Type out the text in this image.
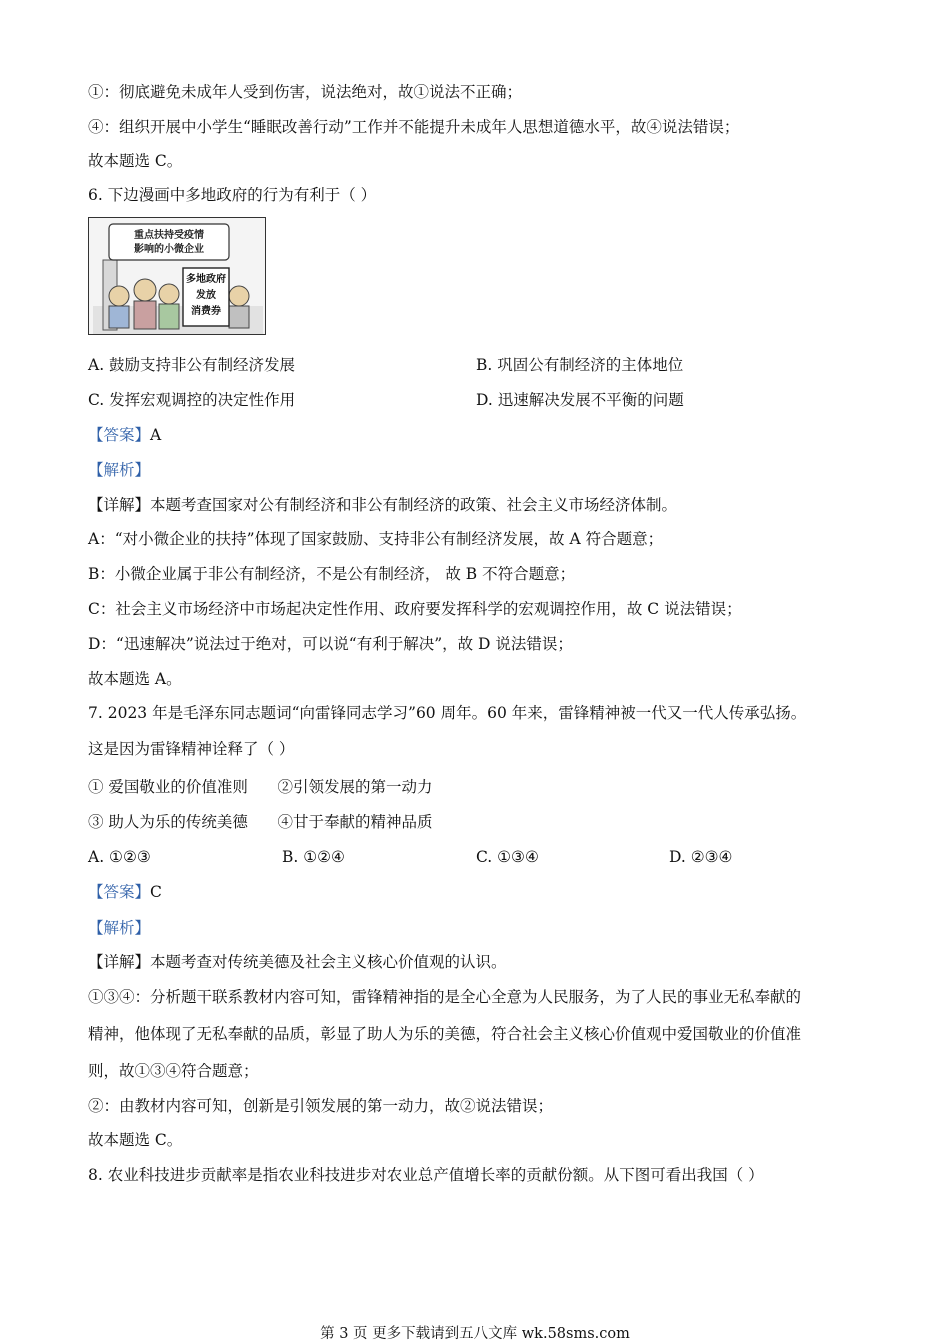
①：彻底避免未成年人受到伤害，说法绝对，故①说法不正确；
④：组织开展中小学生“睡眠改善行动”工作并不能提升未成年人思想道德水平，故④说法错误；
故本题选 C。
6. 下边漫画中多地政府的行为有利于（ ）
重点扶持受疫情
影响的小微企业
多地政府
发放
消费券
A. 鼓励支持非公有制经济发展	B. 巩固公有制经济的主体地位
C. 发挥宏观调控的决定性作用	D. 迅速解决发展不平衡的问题
【答案】A
【解析】
【详解】本题考查国家对公有制经济和非公有制经济的政策、社会主义市场经济体制。
A：“对小微企业的扶持”体现了国家鼓励、支持非公有制经济发展，故 A 符合题意；
B：小微企业属于非公有制经济，不是公有制经济， 故 B 不符合题意；
C：社会主义市场经济中市场起决定性作用、政府要发挥科学的宏观调控作用，故 C 说法错误；
D：“迅速解决”说法过于绝对，可以说“有利于解决”，故 D 说法错误；
故本题选 A。
7. 2023 年是毛泽东同志题词“向雷锋同志学习”60 周年。60 年来，雷锋精神被一代又一代人传承弘扬。
这是因为雷锋精神诠释了（ ）
① 爱国敬业的价值准则      ②引领发展的第一动力
③ 助人为乐的传统美德      ④甘于奉献的精神品质
A. ①②③	B. ①②④	C. ①③④	D. ②③④
【答案】C
【解析】
【详解】本题考查对传统美德及社会主义核心价值观的认识。
①③④：分析题干联系教材内容可知，雷锋精神指的是全心全意为人民服务，为了人民的事业无私奉献的
精神，他体现了无私奉献的品质，彰显了助人为乐的美德，符合社会主义核心价值观中爱国敬业的价值准
则，故①③④符合题意；
②：由教材内容可知，创新是引领发展的第一动力，故②说法错误；
故本题选 C。
8. 农业科技进步贡献率是指农业科技进步对农业总产值增长率的贡献份额。从下图可看出我国（ ）
第 3 页 更多下载请到五八文库 wk.58sms.com
